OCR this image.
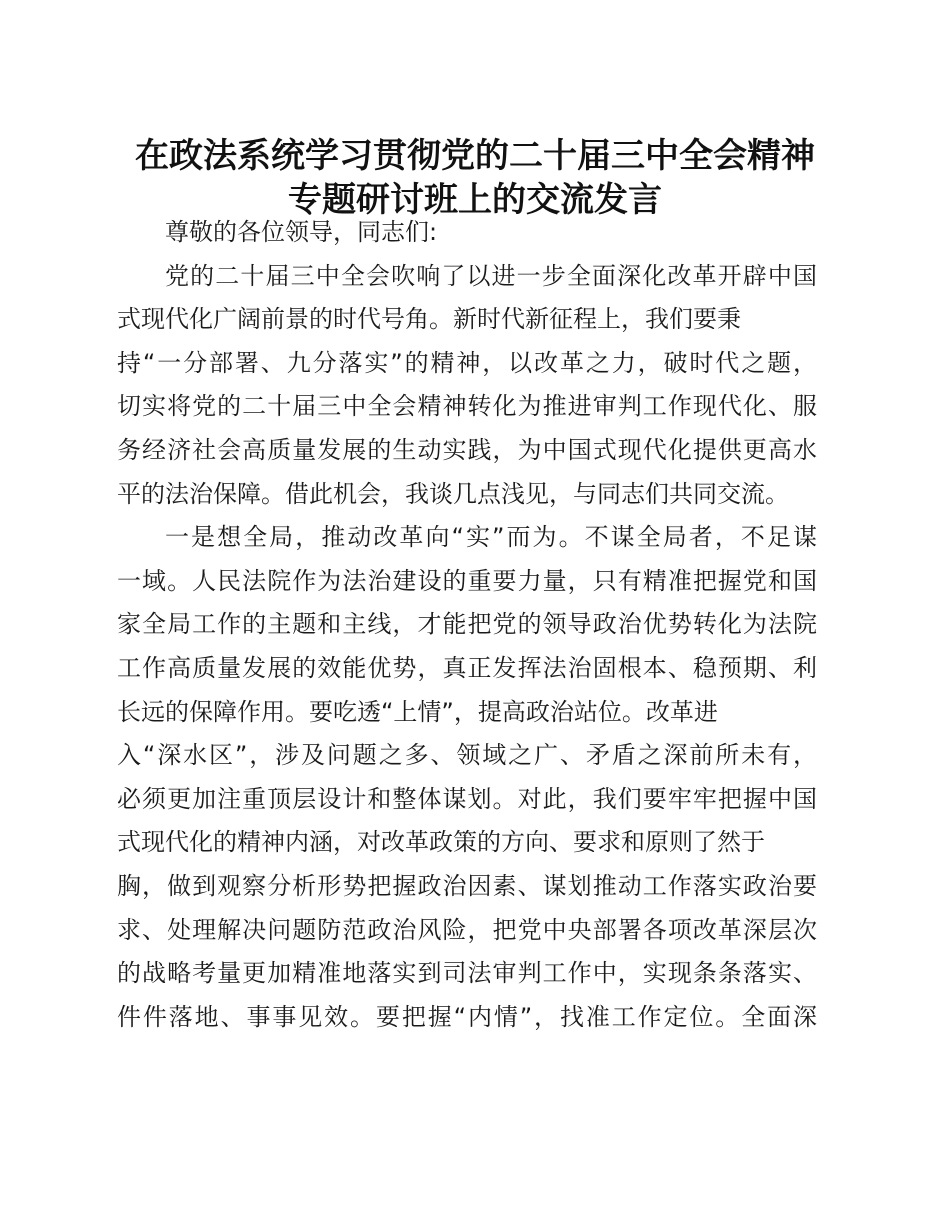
在政法系统学习贯彻党的二十届三中全会精神
专题研讨班上的交流发言
尊敬的各位领导，同志们:
党的二十届三中全会吹响了以进一步全面深化改革开辟中国
式现代化广阔前景的时代号角。新时代新征程上，我们要秉
持“一分部署、九分落实”的精神，以改革之力，破时代之题，
切实将党的二十届三中全会精神转化为推进审判工作现代化、服
务经济社会高质量发展的生动实践，为中国式现代化提供更高水
平的法治保障。借此机会，我谈几点浅见，与同志们共同交流。
一是想全局，推动改革向“实”而为。不谋全局者，不足谋
一域。人民法院作为法治建设的重要力量，只有精准把握党和国
家全局工作的主题和主线，才能把党的领导政治优势转化为法院
工作高质量发展的效能优势，真正发挥法治固根本、稳预期、利
长远的保障作用。要吃透“上情”，提高政治站位。改革进
入“深水区”，涉及问题之多、领域之广、矛盾之深前所未有，
必须更加注重顶层设计和整体谋划。对此，我们要牢牢把握中国
式现代化的精神内涵，对改革政策的方向、要求和原则了然于
胸，做到观察分析形势把握政治因素、谋划推动工作落实政治要
求、处理解决问题防范政治风险，把党中央部署各项改革深层次
的战略考量更加精准地落实到司法审判工作中，实现条条落实、
件件落地、事事见效。要把握“内情”，找准工作定位。全面深
